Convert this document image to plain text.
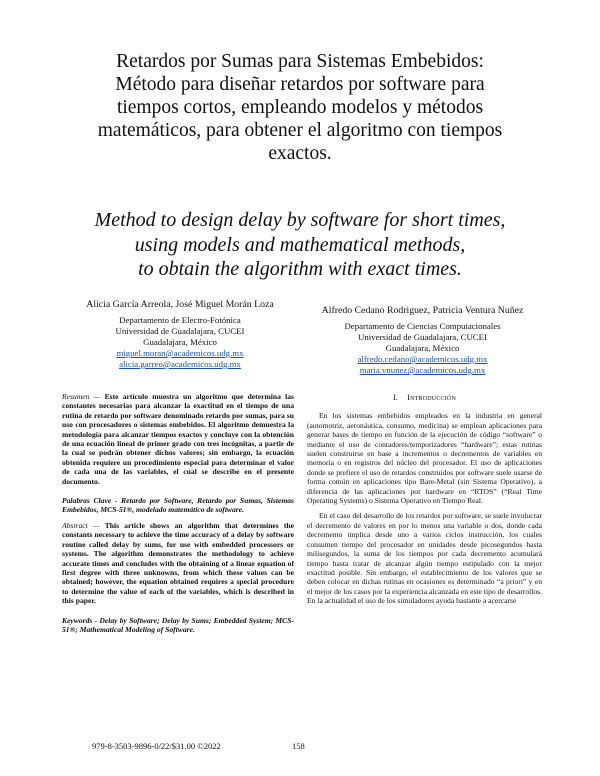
Retardos por Sumas para Sistemas Embebidos:
Método para diseñar retardos por software para
tiempos cortos, empleando modelos y métodos
matemáticos, para obtener el algoritmo con tiempos
exactos.
Method to design delay by software for short times,
using models and mathematical methods,
to obtain the algorithm with exact times.
Alicia García Arreola, José Miguel Morán Loza
Departamento de Electro-Fotónica
Universidad de Guadalajara, CUCEI
Guadalajara, México
miguel.moran@academicos.udg.mx
alicia.garreo@academicos.udg.mx
Alfredo Cedano Rodriguez, Patricia Ventura Nuñez
Departamento de Ciencias Computacionales
Universidad de Guadalajara, CUCEI
Guadalajara, México
alfredo.cedano@academicos.udg.mx
maria.vnunez@academicos.udg.mx

Resumen — Este artículo muestra un algoritmo que determina las constantes necesarias para alcanzar la exactitud en el tiempo de una rutina de retardo por software denominado retardo por sumas, para su uso con procesadores o sistemas embebidos. El algoritmo demuestra la metodología para alcanzar tiempos exactos y concluye con la obtención de una ecuación lineal de primer grado con tres incógnitas, a partir de la cual se podrán obtener dichos valores; sin embargo, la ecuación obtenida requiere un procedimiento especial para determinar el valor de cada una de las variables, el cual se describe en el presente documento.

Palabras Clave - Retardo por Software, Retardo por Sumas, Sistemas Embebidos, MCS-51®, modelado matemático de software.

Abstract — This article shows an algorithm that determines the constants necessary to achieve the time accuracy of a delay by software routine called delay by sums, for use with embedded processors or systems. The algorithm demonstrates the methodology to achieve accurate times and concludes with the obtaining of a linear equation of first degree with three unknowns, from which these values can be obtained; however, the equation obtained requires a special procedure to determine the value of each of the variables, which is described in this paper.

Keywords - Delay by Software; Delay by Sums; Embedded System; MCS-51®; Mathematical Modeling of Software.

I. Introducción

En los sistemas embebidos empleados en la industria en general (automotriz, aeronáutica, consumo, medicina) se emplean aplicaciones para generar bases de tiempo en función de la ejecución de código “software” o mediante el uso de contadores/temporizadores “hardware”; estas rutinas suelen construirse en base a incrementos o decrementos de variables en memoria o en registros del núcleo del procesador. El uso de aplicaciones donde se prefiere el uso de retardos construidos por software suele usarse de forma común en aplicaciones tipo Bare-Metal (sin Sistema Operativo), a diferencia de las aplicaciones por hardware en “RTOS” (“Real Time Operating Systems) o Sistema Operativo en Tiempo Real.

En el caso del desarrollo de los retardos por software, se suele involucrar el decremento de valores en por lo menos una variable o dos, donde cada decremento implica desde uno a varios ciclos instrucción, los cuales consumen tiempo del procesador en unidades desde picosegundos hasta milisegundos, la suma de los tiempos por cada decremento acumulará tiempo hasta tratar de alcanzar algún tiempo estipulado con la mejor exactitud posible. Sin embargo, el establecimiento de los valores que se deben colocar en dichas rutinas en ocasiones es determinado “a priori” y en el mejor de los casos por la experiencia alcanzada en este tipo de desarrollos. En la actualidad el uso de los simuladores ayuda bastante a acercarse

979-8-3503-9896-0/22/$31.00 ©2022	158
